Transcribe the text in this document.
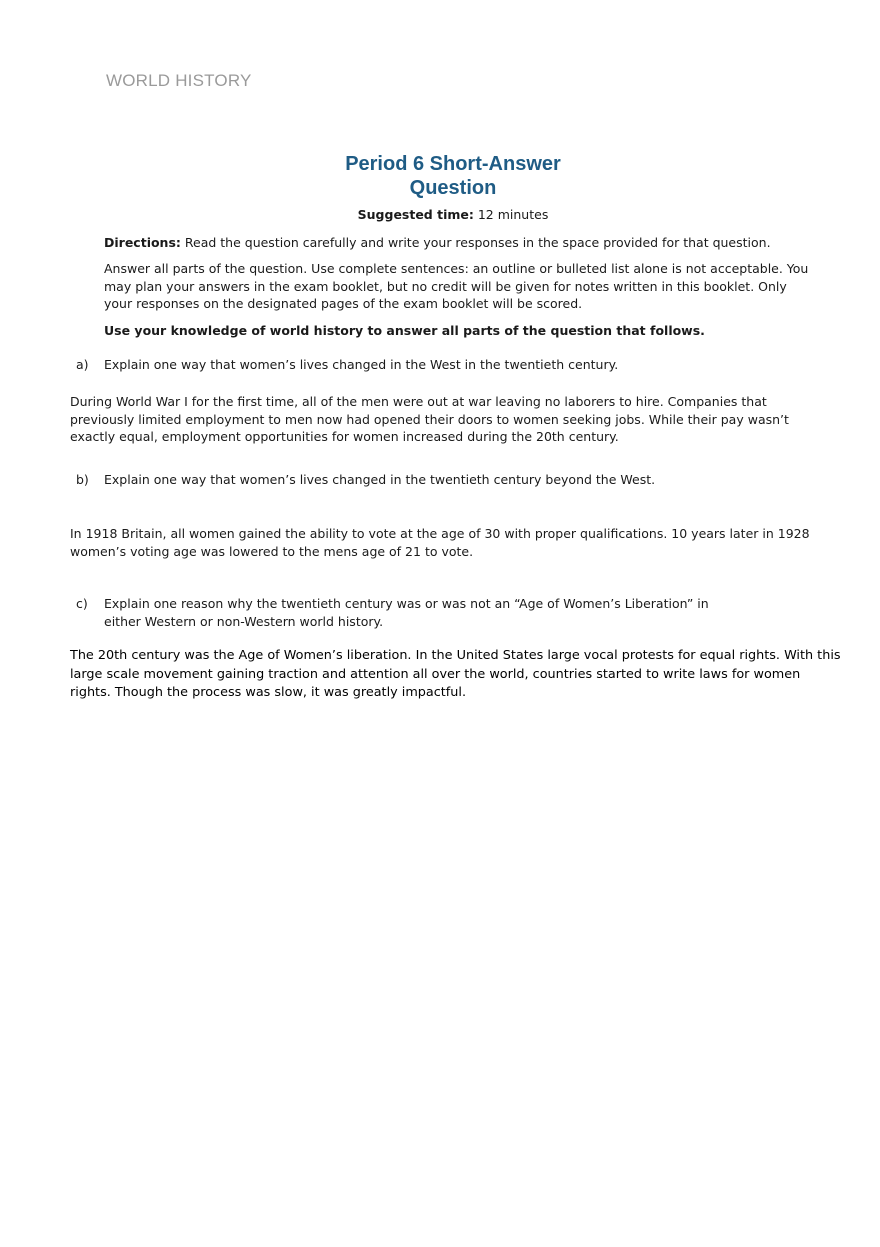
WORLD HISTORY
Period 6 Short-Answer
Question
Suggested time: 12 minutes
Directions: Read the question carefully and write your responses in the space provided for that question.
Answer all parts of the question. Use complete sentences: an outline or bulleted list alone is not acceptable. You may plan your answers in the exam booklet, but no credit will be given for notes written in this booklet. Only your responses on the designated pages of the exam booklet will be scored.
Use your knowledge of world history to answer all parts of the question that follows.
a)	Explain one way that women’s lives changed in the West in the twentieth century.
During World War I for the first time, all of the men were out at war leaving no laborers to hire. Companies that previously limited employment to men now had opened their doors to women seeking jobs. While their pay wasn’t exactly equal, employment opportunities for women increased during the 20th century.
b)	Explain one way that women’s lives changed in the twentieth century beyond the West.
In 1918 Britain, all women gained the ability to vote at the age of 30 with proper qualifications. 10 years later in 1928 women’s voting age was lowered to the mens age of 21 to vote.
c)	Explain one reason why the twentieth century was or was not an “Age of Women’s Liberation” in either Western or non-Western world history.
The 20th century was the Age of Women’s liberation. In the United States large vocal protests for equal rights. With this large scale movement gaining traction and attention all over the world, countries started to write laws for women rights. Though the process was slow, it was greatly impactful.
